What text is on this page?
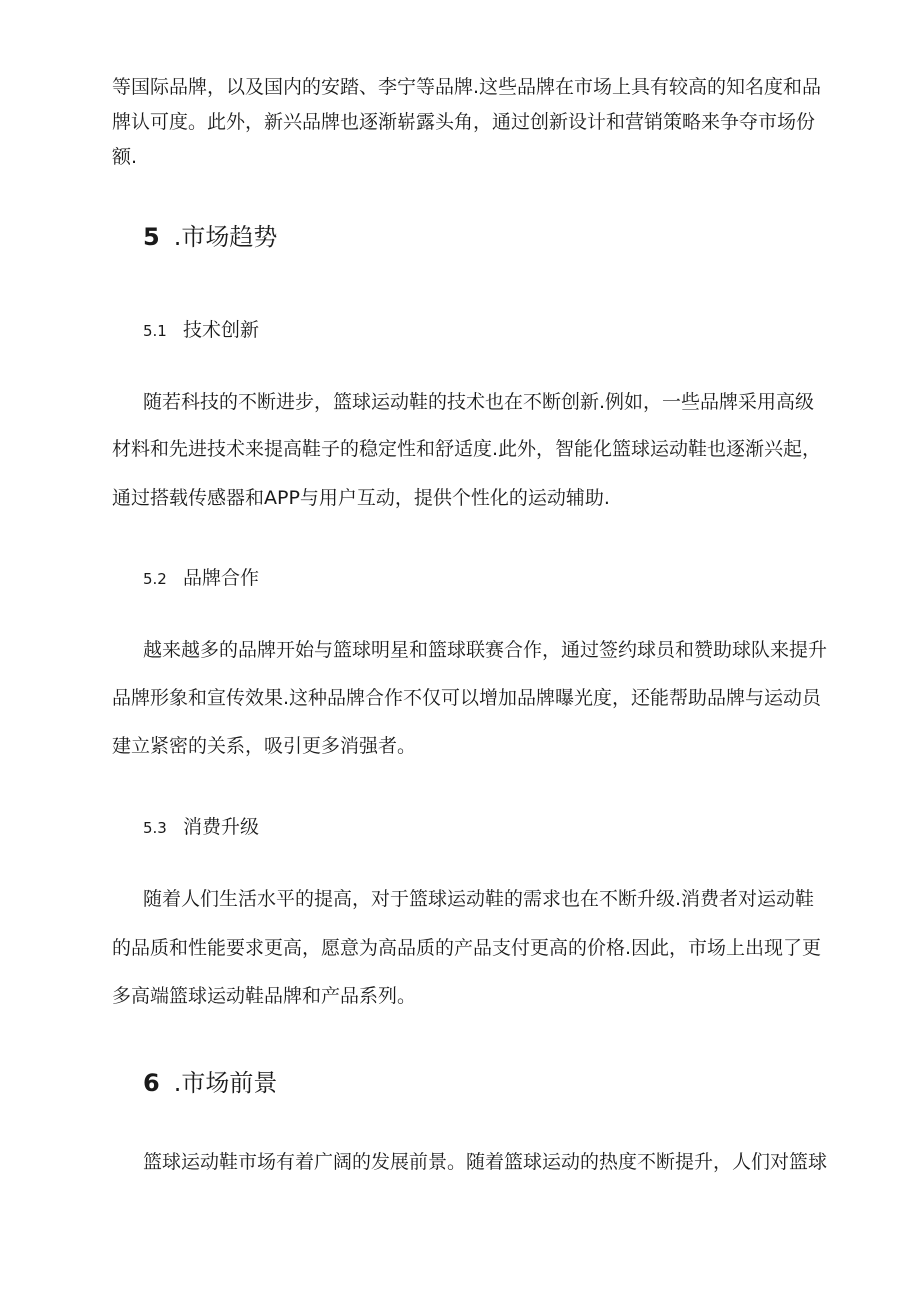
等国际品牌，以及国内的安踏、李宁等品牌.这些品牌在市场上具有较高的知名度和品
牌认可度。此外，新兴品牌也逐渐崭露头角，通过创新设计和营销策略来争夺市场份
额.
5 .市场趋势
5.1 技术创新
随若科技的不断进步，篮球运动鞋的技术也在不断创新.例如，一些品牌采用高级
材料和先进技术来提高鞋子的稳定性和舒适度.此外，智能化篮球运动鞋也逐渐兴起，
通过搭载传感器和APP与用户互动，提供个性化的运动辅助.
5.2 品牌合作
越来越多的品牌开始与篮球明星和篮球联赛合作，通过签约球员和赞助球队来提升
品牌形象和宣传效果.这种品牌合作不仅可以增加品牌曝光度，还能帮助品牌与运动员
建立紧密的关系，吸引更多消强者。
5.3 消费升级
随着人们生活水平的提高，对于篮球运动鞋的需求也在不断升级.消费者对运动鞋
的品质和性能要求更高，愿意为高品质的产品支付更高的价格.因此，市场上出现了更
多高端篮球运动鞋品牌和产品系列。
6 .市场前景
篮球运动鞋市场有着广阔的发展前景。随着篮球运动的热度不断提升，人们对篮球
